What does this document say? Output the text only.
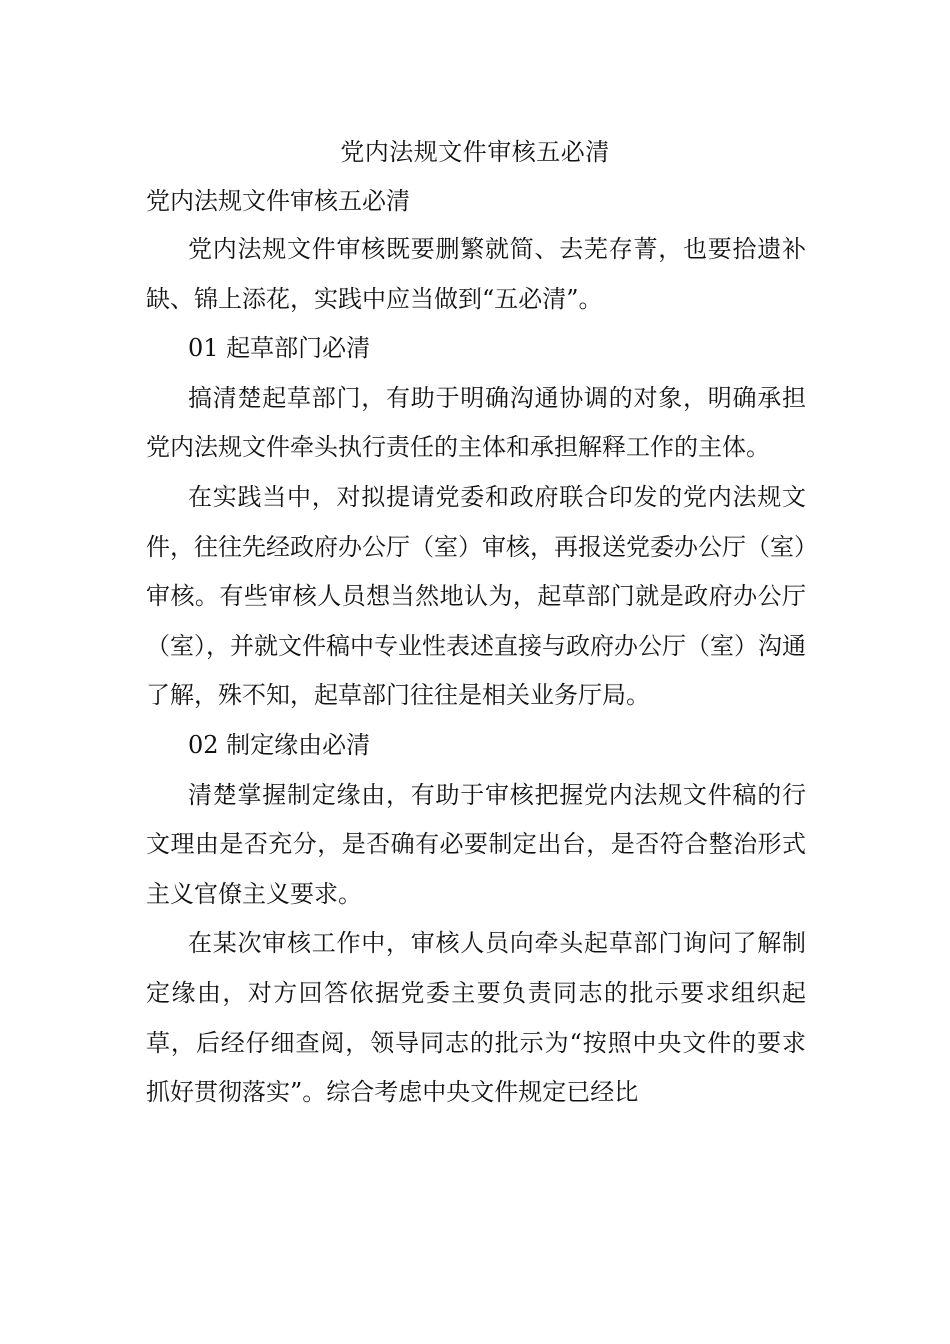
党内法规文件审核五必清
党内法规文件审核五必清

党内法规文件审核既要删繁就简、去芜存菁，也要拾遗补缺、锦上添花，实践中应当做到“五必清”。

01 起草部门必清

搞清楚起草部门，有助于明确沟通协调的对象，明确承担党内法规文件牵头执行责任的主体和承担解释工作的主体。

在实践当中，对拟提请党委和政府联合印发的党内法规文件，往往先经政府办公厅（室）审核，再报送党委办公厅（室）审核。有些审核人员想当然地认为，起草部门就是政府办公厅（室），并就文件稿中专业性表述直接与政府办公厅（室）沟通了解，殊不知，起草部门往往是相关业务厅局。

02 制定缘由必清

清楚掌握制定缘由，有助于审核把握党内法规文件稿的行文理由是否充分，是否确有必要制定出台，是否符合整治形式主义官僚主义要求。

在某次审核工作中，审核人员向牵头起草部门询问了解制定缘由，对方回答依据党委主要负责同志的批示要求组织起草，后经仔细查阅，领导同志的批示为“按照中央文件的要求抓好贯彻落实”。综合考虑中央文件规定已经比
